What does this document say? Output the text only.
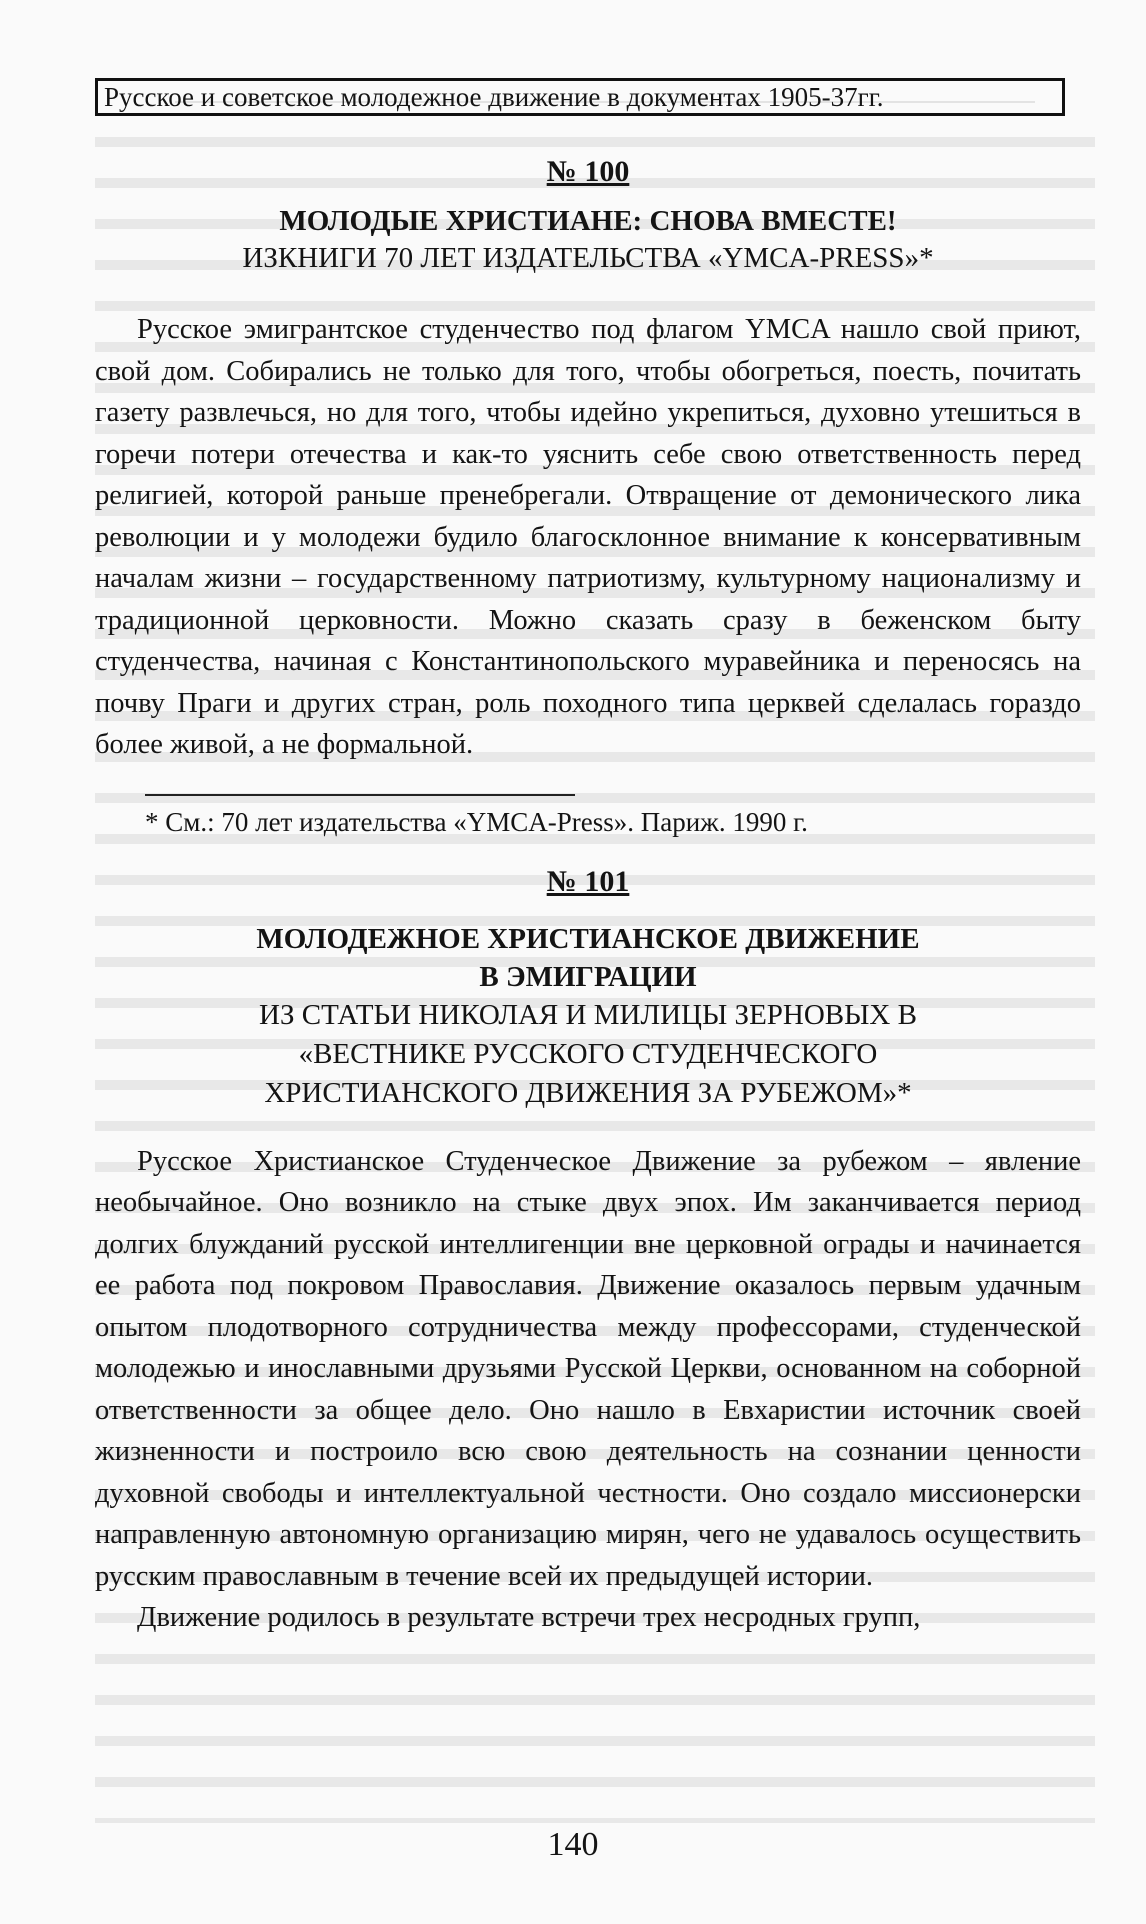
Русское и советское молодежное движение в документах 1905-37гг.

№ 100

МОЛОДЫЕ ХРИСТИАНЕ: СНОВА ВМЕСТЕ!

ИЗКНИГИ 70 ЛЕТ ИЗДАТЕЛЬСТВА «YMCA-PRESS»*

Русское эмигрантское студенчество под флагом YMCA нашло свой приют, свой дом. Собирались не только для того, чтобы обогреться, поесть, почитать газету развлечься, но для того, чтобы идейно укрепиться, духовно утешиться в горечи потери отечества и как-то уяснить себе свою ответственность перед религией, которой раньше пренебрегали. Отвращение от демонического лика революции и у молодежи будило благосклонное внимание к консервативным началам жизни – государственному патриотизму, культурному национализму и традиционной церковности. Можно сказать сразу в беженском быту студенчества, начиная с Константинопольского муравейника и переносясь на почву Праги и других стран, роль походного типа церквей сделалась гораздо более живой, а не формальной.

* См.: 70 лет издательства «YMCA-Press». Париж. 1990 г.

№ 101

МОЛОДЕЖНОЕ ХРИСТИАНСКОЕ ДВИЖЕНИЕ
В ЭМИГРАЦИИ

ИЗ СТАТЬИ НИКОЛАЯ И МИЛИЦЫ ЗЕРНОВЫХ В
«ВЕСТНИКЕ РУССКОГО СТУДЕНЧЕСКОГО
ХРИСТИАНСКОГО ДВИЖЕНИЯ ЗА РУБЕЖОМ»*

Русское Христианское Студенческое Движение за рубежом – явление необычайное. Оно возникло на стыке двух эпох. Им заканчивается период долгих блужданий русской интеллигенции вне церковной ограды и начинается ее работа под покровом Православия. Движение оказалось первым удачным опытом плодотворного сотрудничества между профессорами, студенческой молодежью и инославными друзьями Русской Церкви, основанном на соборной ответственности за общее дело. Оно нашло в Евхаристии источник своей жизненности и построило всю свою деятельность на сознании ценности духовной свободы и интеллектуальной честности. Оно создало миссионерски направленную автономную организацию мирян, чего не удавалось осуществить русским православным в течение всей их предыдущей истории.

Движение родилось в результате встречи трех несродных групп,

140
